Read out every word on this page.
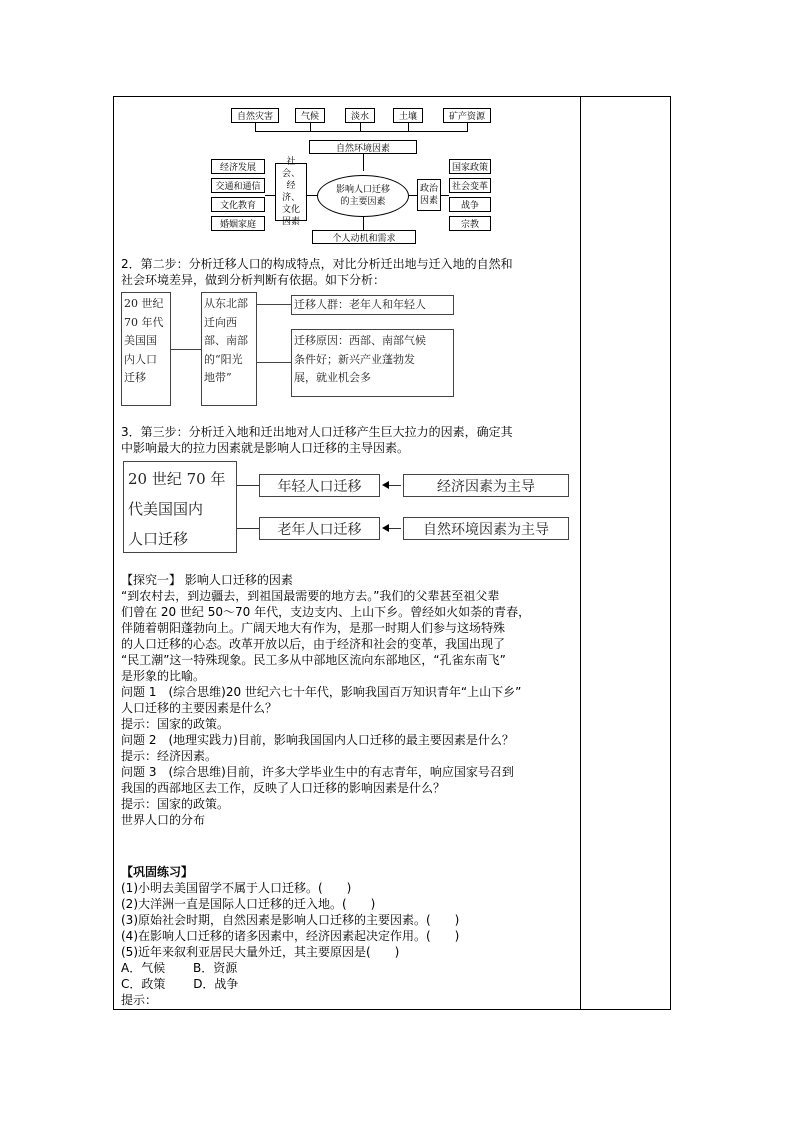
自然灾害	气候	淡水	土壤	矿产资源
自然环境因素
经济发展
交通和通信
文化教育
婚姻家庭
社会、经济、文化因素
影响人口迁移的主要因素
政治因素
国家政策
社会变革
战争
宗教
个人动机和需求
2．第二步：分析迁移人口的构成特点，对比分析迁出地与迁入地的自然和
社会环境差异，做到分析判断有依据。如下分析：
20 世纪
70 年代
美国国
内人口
迁移
从东北部
迁向西
部、南部
的“阳光
地带”
迁移人群：老年人和年轻人
迁移原因：西部、南部气候
条件好；新兴产业蓬勃发
展，就业机会多
3．第三步：分析迁入地和迁出地对人口迁移产生巨大拉力的因素，确定其
中影响最大的拉力因素就是影响人口迁移的主导因素。
20 世纪 70 年
代美国国内
人口迁移
年轻人口迁移	经济因素为主导
老年人口迁移	自然环境因素为主导
【探究一】 影响人口迁移的因素
“到农村去，到边疆去，到祖国最需要的地方去。”我们的父辈甚至祖父辈
们曾在 20 世纪 50～70 年代，支边支内、上山下乡。曾经如火如荼的青春，
伴随着朝阳蓬勃向上。广阔天地大有作为，是那一时期人们参与这场特殊
的人口迁移的心态。改革开放以后，由于经济和社会的变革，我国出现了
“民工潮”这一特殊现象。民工多从中部地区流向东部地区，“孔雀东南飞”
是形象的比喻。
问题 1　(综合思维)20 世纪六七十年代，影响我国百万知识青年“上山下乡”
人口迁移的主要因素是什么？
提示：国家的政策。
问题 2　(地理实践力)目前，影响我国国内人口迁移的最主要因素是什么？
提示：经济因素。
问题 3　(综合思维)目前，许多大学毕业生中的有志青年，响应国家号召到
我国的西部地区去工作，反映了人口迁移的影响因素是什么？
提示：国家的政策。
世界人口的分布
【巩固练习】
(1)小明去美国留学不属于人口迁移。(　　)
(2)大洋洲一直是国际人口迁移的迁入地。(　　)
(3)原始社会时期，自然因素是影响人口迁移的主要因素。(　　)
(4)在影响人口迁移的诸多因素中，经济因素起决定作用。(　　)
(5)近年来叙利亚居民大量外迁，其主要原因是(　　)
A．气候　　 B．资源
C．政策　　 D．战争
提示：
